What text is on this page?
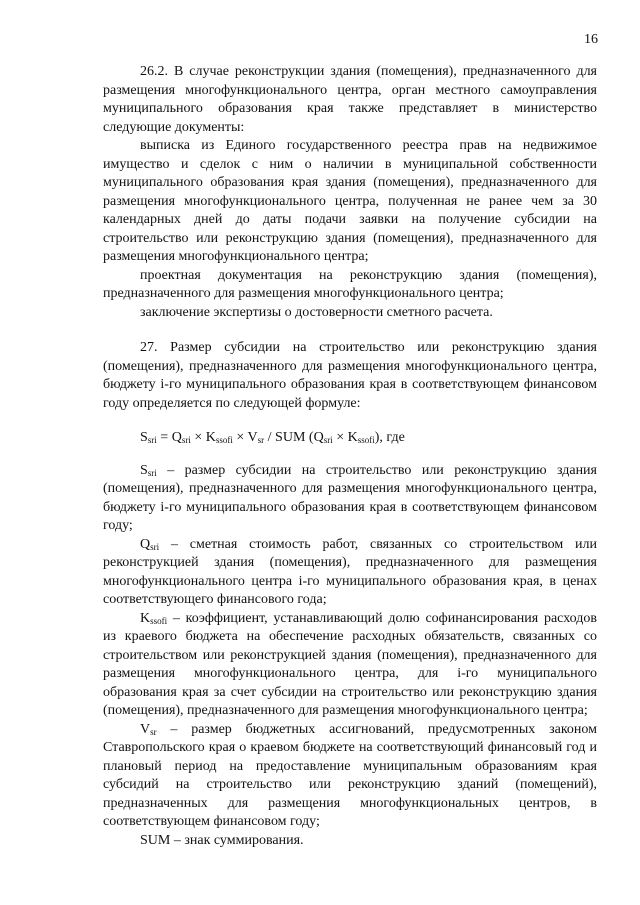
16

26.2. В случае реконструкции здания (помещения), предназначенного для размещения многофункционального центра, орган местного самоуправления муниципального образования края также представляет в министерство следующие документы:

выписка из Единого государственного реестра прав на недвижимое имущество и сделок с ним о наличии в муниципальной собственности муниципального образования края здания (помещения), предназначенного для размещения многофункционального центра, полученная не ранее чем за 30 календарных дней до даты подачи заявки на получение субсидии на строительство или реконструкцию здания (помещения), предназначенного для размещения многофункционального центра;

проектная документация на реконструкцию здания (помещения), предназначенного для размещения многофункционального центра;

заключение экспертизы о достоверности сметного расчета.

27. Размер субсидии на строительство или реконструкцию здания (помещения), предназначенного для размещения многофункционального центра, бюджету i-го муниципального образования края в соответствующем финансовом году определяется по следующей формуле:

$S_{sri} = Q_{sri} \times K_{ssofi} \times V_{sr}$ / SUM $(Q_{sri} \times K_{ssofi})$, где

$S_{sri}$ – размер субсидии на строительство или реконструкцию здания (помещения), предназначенного для размещения многофункционального центра, бюджету i-го муниципального образования края в соответствующем финансовом году;

$Q_{sri}$ – сметная стоимость работ, связанных со строительством или реконструкцией здания (помещения), предназначенного для размещения многофункционального центра i-го муниципального образования края, в ценах соответствующего финансового года;

$K_{ssofi}$ – коэффициент, устанавливающий долю софинансирования расходов из краевого бюджета на обеспечение расходных обязательств, связанных со строительством или реконструкцией здания (помещения), предназначенного для размещения многофункционального центра, для i-го муниципального образования края за счет субсидии на строительство или реконструкцию здания (помещения), предназначенного для размещения многофункционального центра;

$V_{sr}$ – размер бюджетных ассигнований, предусмотренных законом Ставропольского края о краевом бюджете на соответствующий финансовый год и плановый период на предоставление муниципальным образованиям края субсидий на строительство или реконструкцию зданий (помещений), предназначенных для размещения многофункциональных центров, в соответствующем финансовом году;

SUM – знак суммирования.
